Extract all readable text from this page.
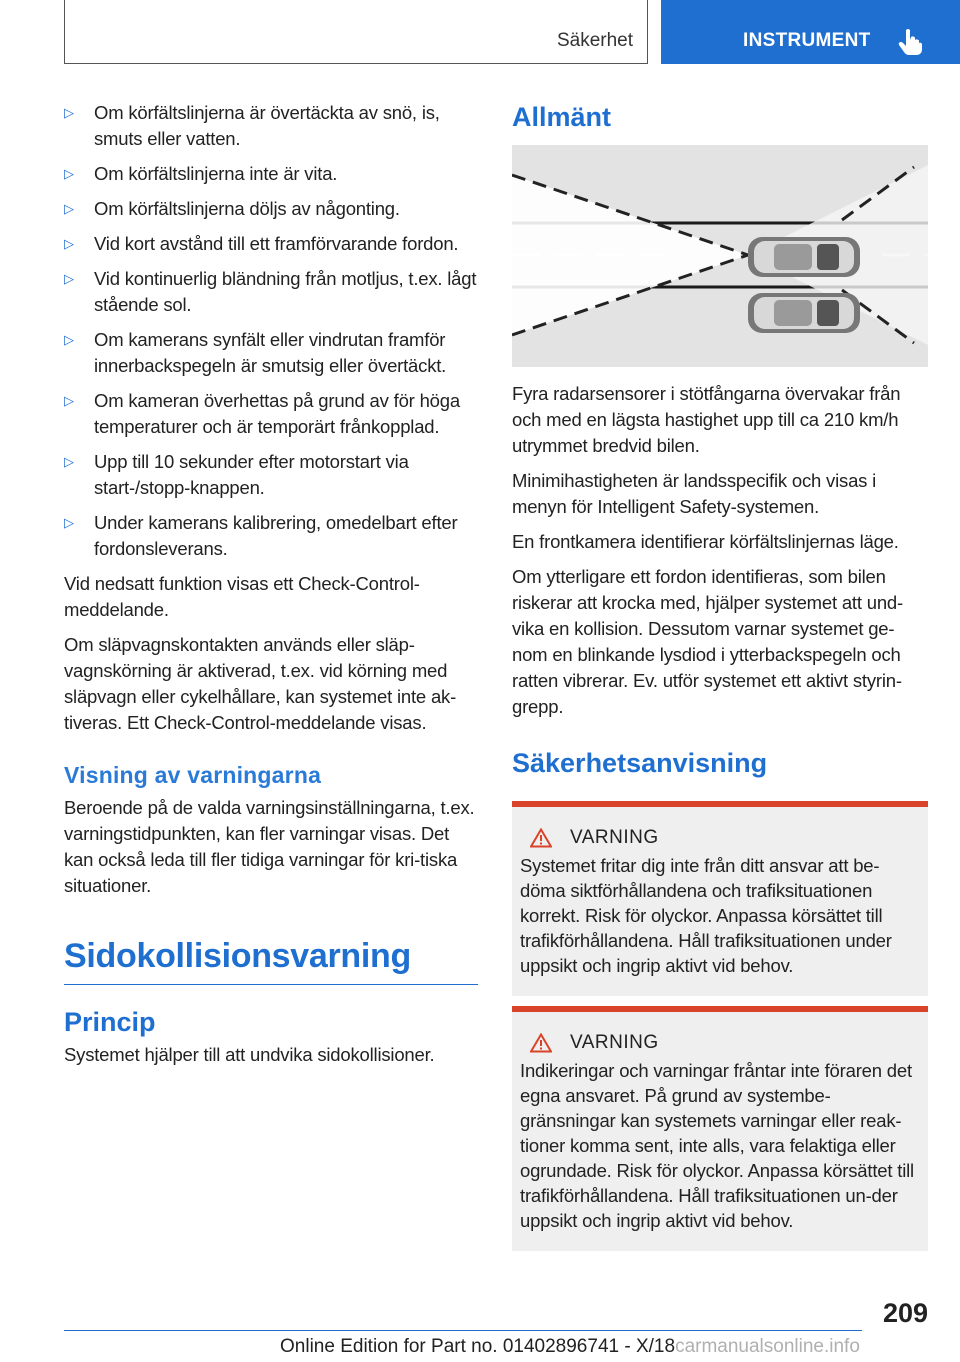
Säkerhet	INSTRUMENT
▷	Om körfältslinjerna är övertäckta av snö, is, smuts eller vatten.
▷	Om körfältslinjerna inte är vita.
▷	Om körfältslinjerna döljs av någonting.
▷	Vid kort avstånd till ett framförvarande fordon.
▷	Vid kontinuerlig bländning från motljus, t.ex. lågt stående sol.
▷	Om kamerans synfält eller vindrutan framför innerbackspegeln är smutsig eller övertäckt.
▷	Om kameran överhettas på grund av för höga temperaturer och är temporärt frånkopplad.
▷	Upp till 10 sekunder efter motorstart via start-/stopp-knappen.
▷	Under kamerans kalibrering, omedelbart efter fordonsleverans.

Vid nedsatt funktion visas ett Check-Control-meddelande.

Om släpvagnskontakten används eller släp-vagnskörning är aktiverad, t.ex. vid körning med släpvagn eller cykelhållare, kan systemet inte ak-tiveras. Ett Check-Control-meddelande visas.

Visning av varningarna

Beroende på de valda varningsinställningarna, t.ex. varningstidpunkten, kan fler varningar visas. Det kan också leda till fler tidiga varningar för kri-tiska situationer.

Sidokollisionsvarning
Princip

Systemet hjälper till att undvika sidokollisioner.

Allmänt

Fyra radarsensorer i stötfångarna övervakar från och med en lägsta hastighet upp till ca 210 km/h utrymmet bredvid bilen.

Minimihastigheten är landsspecifik och visas i menyn för Intelligent Safety-systemen.

En frontkamera identifierar körfältslinjernas läge.

Om ytterligare ett fordon identifieras, som bilen riskerar att krocka med, hjälper systemet att und-vika en kollision. Dessutom varnar systemet ge-nom en blinkande lysdiod i ytterbackspegeln och ratten vibrerar. Ev. utför systemet ett aktivt styrin-grepp.

Säkerhetsanvisning
VARNING

Systemet fritar dig inte från ditt ansvar att be-döma siktförhållandena och trafiksituationen korrekt. Risk för olyckor. Anpassa körsättet till trafikförhållandena. Håll trafiksituationen under uppsikt och ingrip aktivt vid behov.

VARNING

Indikeringar och varningar fråntar inte föraren det egna ansvaret. På grund av systembe-gränsningar kan systemets varningar eller reak-tioner komma sent, inte alls, vara felaktiga eller ogrundade. Risk för olyckor. Anpassa körsättet till trafikförhållandena. Håll trafiksituationen un-der uppsikt och ingrip aktivt vid behov.

209
Online Edition for Part no. 01402896741 - X/18carmanualsonline.info
